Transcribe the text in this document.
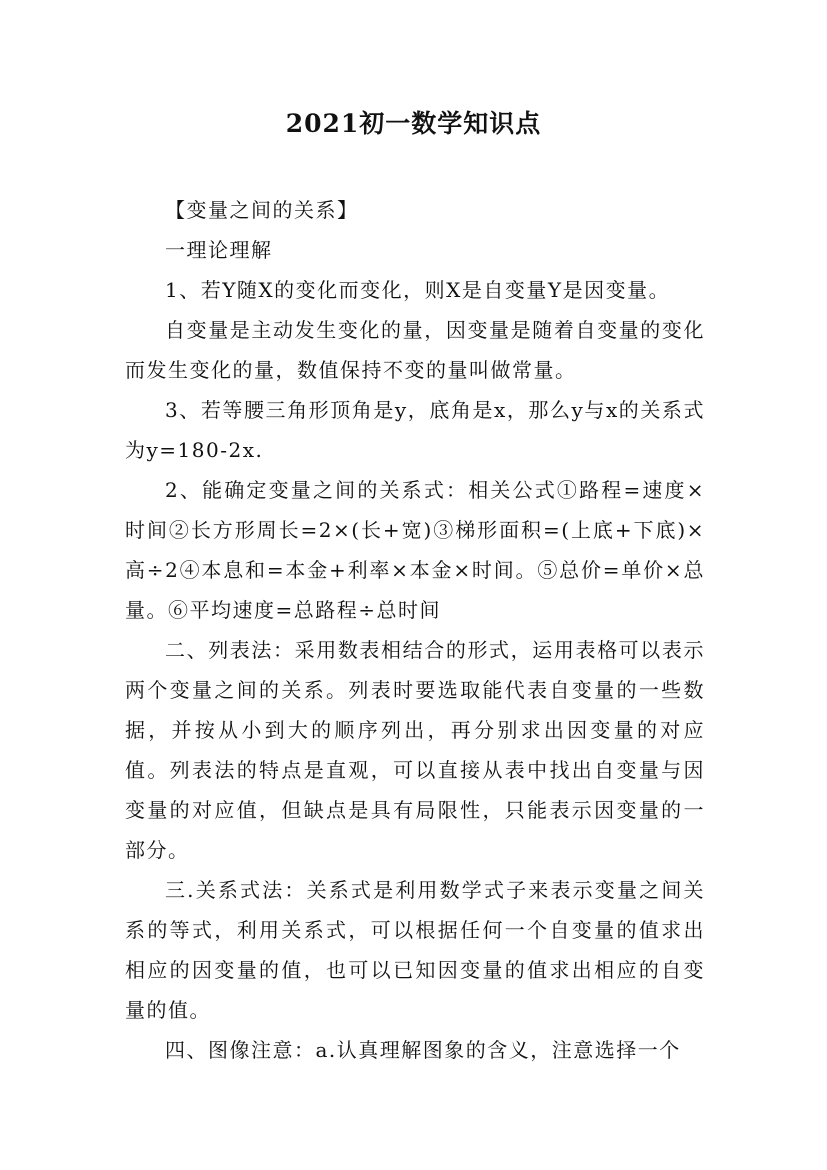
2021初一数学知识点

【变量之间的关系】

一理论理解

1、若Y随X的变化而变化，则X是自变量Y是因变量。

自变量是主动发生变化的量，因变量是随着自变量的变化而发生变化的量，数值保持不变的量叫做常量。

3、若等腰三角形顶角是y，底角是x，那么y与x的关系式为y=180-2x.

2、能确定变量之间的关系式：相关公式①路程=速度×时间②长方形周长=2×(长+宽)③梯形面积=(上底+下底)×高÷2④本息和=本金+利率×本金×时间。⑤总价=单价×总量。⑥平均速度=总路程÷总时间

二、列表法：采用数表相结合的形式，运用表格可以表示两个变量之间的关系。列表时要选取能代表自变量的一些数据，并按从小到大的顺序列出，再分别求出因变量的对应值。列表法的特点是直观，可以直接从表中找出自变量与因变量的对应值，但缺点是具有局限性，只能表示因变量的一部分。

三.关系式法：关系式是利用数学式子来表示变量之间关系的等式，利用关系式，可以根据任何一个自变量的值求出相应的因变量的值，也可以已知因变量的值求出相应的自变量的值。

四、图像注意：a.认真理解图象的含义，注意选择一个
